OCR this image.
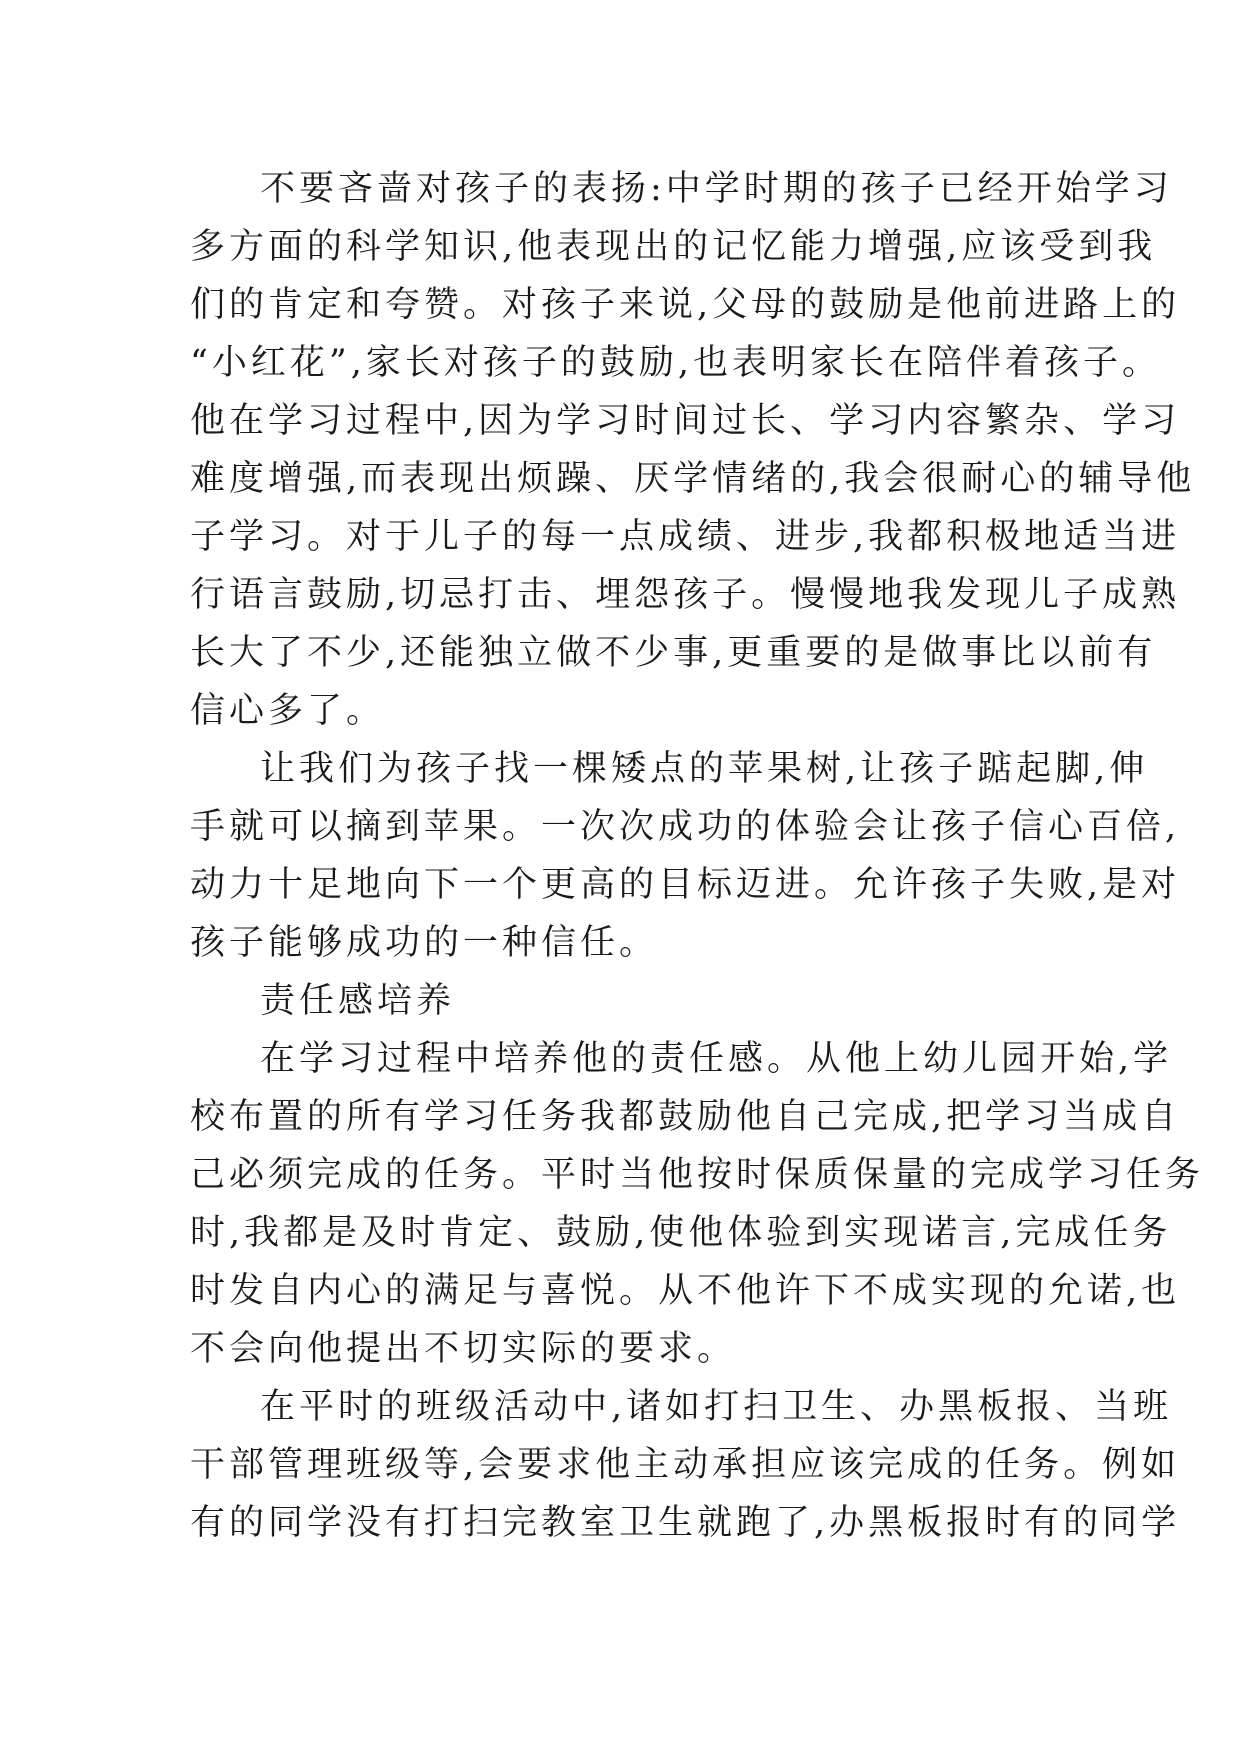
不要吝啬对孩子的表扬:中学时期的孩子已经开始学习
多方面的科学知识,他表现出的记忆能力增强,应该受到我
们的肯定和夸赞。对孩子来说,父母的鼓励是他前进路上的
“小红花”,家长对孩子的鼓励,也表明家长在陪伴着孩子。
他在学习过程中,因为学习时间过长、学习内容繁杂、学习
难度增强,而表现出烦躁、厌学情绪的,我会很耐心的辅导他
子学习。对于儿子的每一点成绩、进步,我都积极地适当进
行语言鼓励,切忌打击、埋怨孩子。慢慢地我发现儿子成熟
长大了不少,还能独立做不少事,更重要的是做事比以前有
信心多了。
让我们为孩子找一棵矮点的苹果树,让孩子踮起脚,伸
手就可以摘到苹果。一次次成功的体验会让孩子信心百倍,
动力十足地向下一个更高的目标迈进。允许孩子失败,是对
孩子能够成功的一种信任。
责任感培养
在学习过程中培养他的责任感。从他上幼儿园开始,学
校布置的所有学习任务我都鼓励他自己完成,把学习当成自
己必须完成的任务。平时当他按时保质保量的完成学习任务
时,我都是及时肯定、鼓励,使他体验到实现诺言,完成任务
时发自内心的满足与喜悦。从不他许下不成实现的允诺,也
不会向他提出不切实际的要求。
在平时的班级活动中,诸如打扫卫生、办黑板报、当班
干部管理班级等,会要求他主动承担应该完成的任务。例如
有的同学没有打扫完教室卫生就跑了,办黑板报时有的同学
